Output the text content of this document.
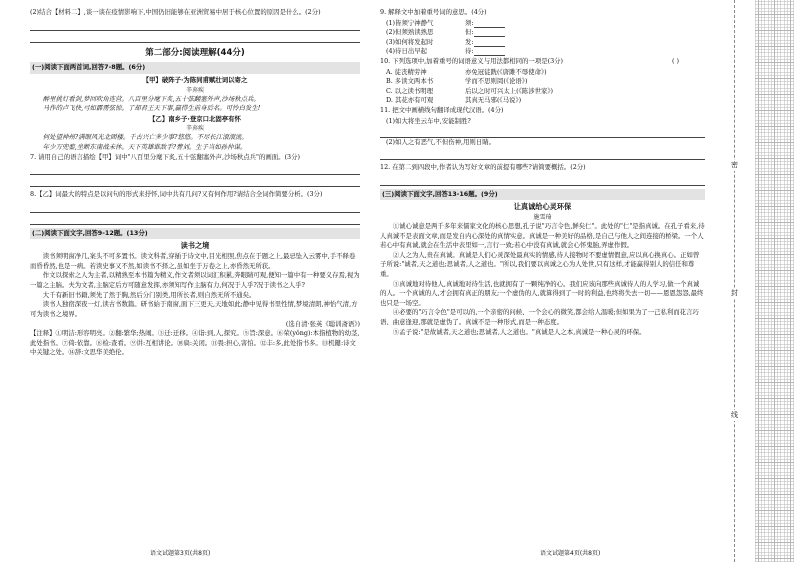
(2)结合【材料二】,谈一谈在疫情影响下,中国仍旧能够在亚洲贸易中居于核心位置的原因是什么。(2分)
第二部分:阅读理解(44分)
(一)阅读下面两首词,回答7-8题。(6分)
【甲】破阵子·为陈同甫赋壮词以寄之
辛弃疾
醉里挑灯看剑,梦回吹角连营。八百里分麾下炙,五十弦翻塞外声,沙场秋点兵。
马作的卢飞快,弓如霹雳弦惊。了却君王天下事,赢得生前身后名。可怜白发生!
【乙】南乡子·登京口北固亭有怀
辛弃疾
何处望神州?满眼风光北固楼。千古兴亡多少事?悠悠。不尽长江滚滚流。
年少万兜鍪,坐断东南战未休。天下英雄谁敌手?曹刘。生子当如孙仲谋。
7. 请用自己的语言描绘【甲】词中"八百里分麾下炙,五十弦翻塞外声,沙场秋点兵"的画面。(3分)
8.【乙】词最大的特点是以问句的形式来抒怀,词中共有几问?又有何作用?请结合全词作简要分析。(3分)
(二)阅读下面文字,回答9-12题。(13分)
读书之境
读书须明窗净几,案头不可多置书。读文科者,穿插于诗文中,目光相照,焦点在于题之上,最忌坠入云雾中,手不释卷而昏昏然,也是一病。若读史事又不然,如读书不择之,虽如坐于万卷之上,亦昏然无所获。
作文以探索之人为主者,以精熟至本书篇为精义,作文者须以词汇积累,奔眼睛可观,便知一篇中有一种要义存焉,视为一篇之主脑。夫为文者,主脑定后方可随意发挥,亦须知写作主脑有力,何况于人乎?况于读书之人乎?
大千有新旧书籍,须先了然于胸,然后分门别类,用所长者,则自然无所不通矣。
读书人独宿深夜一灯,读古书数篇。研书始于南窗,面下三更天,天地如此;静中见得书里性情,梦境清朗,神怡气清,方可为读书之境界。
(选自清·张英《聪训斋语》)
【注释】①明洁:形容明亮。②翻:繁华;热闹。③迁:迁移。④诣:到,人,探究。⑤旨:深意。⑥荣(yǒng):本指植物的幼茎,此处指书。⑦倚:依靠。⑧检:查看。⑨讲:互相讲论。⑩扃:关闭。⑪畏:担心,害怕。⑫丰:多,此处指书多。⑬机鍵:诗文中关键之处。⑭辞:文思华美绝伦。
语文试题第3页(共8页)
9. 解释文中加着重号词的意思。(4分)
(1)皆须宁神静气	须:
(2)但须熟读熟思	但:
(3)如何将发起时	发:
(4)待日出早起	待:
10. 下列选项中,加着重号的词语意义与用法都相同的一项是(3分)	( )
A. 徒丧精劳神	亦免冠徒跣(《唐雎不辱使命》)
B. 多读文两本书	学而不思则罔(《论语》)
C. 以之读书明理	后以之时可兴太上(《陈涉世家》)
D. 其花亦有可观	其真无马邪(《马说》)
11. 把文中画横线句翻译成现代汉语。(4分)
(1)如大将坐云车中,安能制胜?
(2)如人之有恶气,不但伤神,用则日睛。
12. 在第二到四段中,作者认为写好文章的前提有哪些?请简要概括。(2分)
(三)阅读下面文字,回答13-16题。(9分)
让真诚给心灵环保
施雪琦
①诚心诚意是两千多年来儒家文化的核心思想,孔子说"巧言令色,鲜矣仁"。此处的"仁"是指真诚。在孔子看来,待人真诚不是表面文章,而是发自内心深处的真情实意。真诚是一种美好的品格,是自己与他人之间连接的桥梁。一个人若心中有真诚,就会在生活中表里如一,言行一致;若心中没有真诚,就会心怀鬼胎,弄虚作假。
②人之为人,贵在真诚。真诚是人们心灵深处最真实的情感,待人接物时不要虚情假意,应以真心换真心。正如曾子所说:"诚者,天之道也;思诚者,人之道也。"所以,我们要以真诚之心为人处世,只有这样,才能赢得别人的信任和尊重。
③真诚地对待他人,真诚地对待生活,也就拥有了一颗纯净的心。我们应该向那些真诚待人的人学习,做一个真诚的人。一个真诚的人,才会拥有真正的朋友;一个虚伪的人,就算得到了一时的利益,也终将失去一切——恩恩怨怨,最终也只是一场空。
④必要的"巧言令色"是可以的,一个亲密的问候、一个会心的微笑,都会给人温暖;但如果为了一己私利而花言巧语、曲意逢迎,那就是虚伪了。真诚不是一种形式,而是一种态度。
⑤孟子说:"是故诚者,天之道也;思诚者,人之道也。"真诚是人之本,真诚是一种心灵的环保。
语文试题第4页(共8页)
密
封
线
